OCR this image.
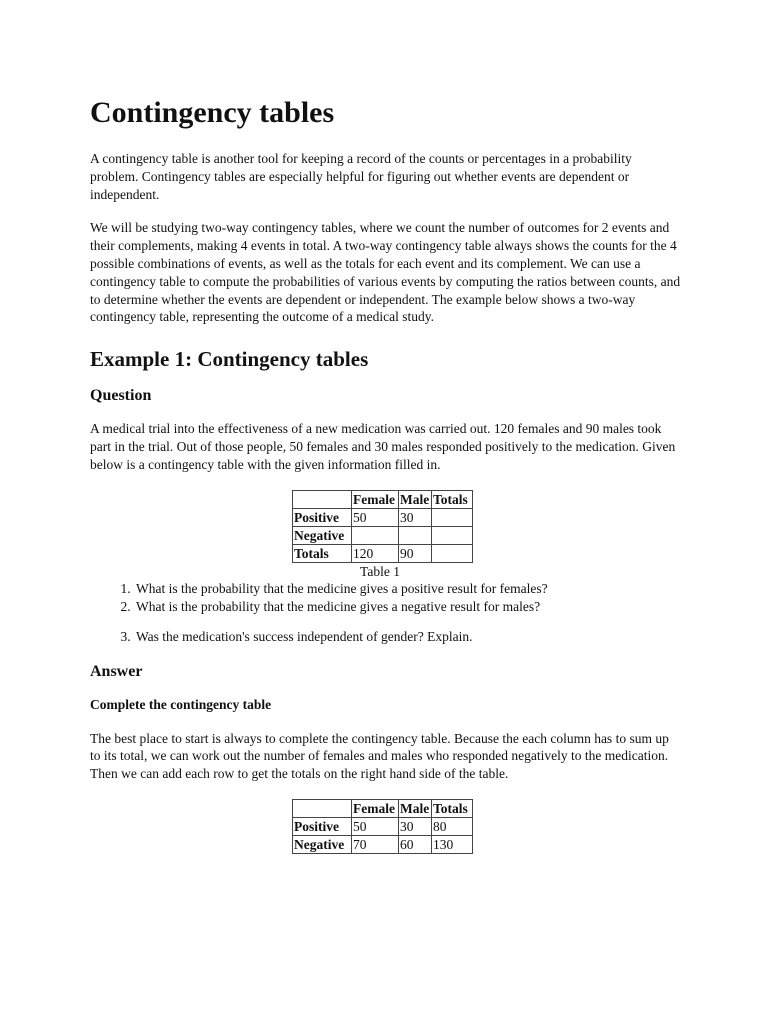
Contingency tables

A contingency table is another tool for keeping a record of the counts or percentages in a probability problem. Contingency tables are especially helpful for figuring out whether events are dependent or independent.

We will be studying two-way contingency tables, where we count the number of outcomes for 2 events and their complements, making 4 events in total. A two-way contingency table always shows the counts for the 4 possible combinations of events, as well as the totals for each event and its complement. We can use a contingency table to compute the probabilities of various events by computing the ratios between counts, and to determine whether the events are dependent or independent. The example below shows a two-way contingency table, representing the outcome of a medical study.

Example 1: Contingency tables
Question

A medical trial into the effectiveness of a new medication was carried out. 120 females and 90 males took part in the trial. Out of those people, 50 females and 30 males responded positively to the medication. Given below is a contingency table with the given information filled in.

	Female	Male	Totals
Positive	50	30	
Negative			
Totals	120	90	
Table 1
1. What is the probability that the medicine gives a positive result for females?
2. What is the probability that the medicine gives a negative result for males?
3. Was the medication's success independent of gender? Explain.
Answer
Complete the contingency table

The best place to start is always to complete the contingency table. Because the each column has to sum up to its total, we can work out the number of females and males who responded negatively to the medication. Then we can add each row to get the totals on the right hand side of the table.

	Female	Male	Totals
Positive	50	30	80
Negative	70	60	130
